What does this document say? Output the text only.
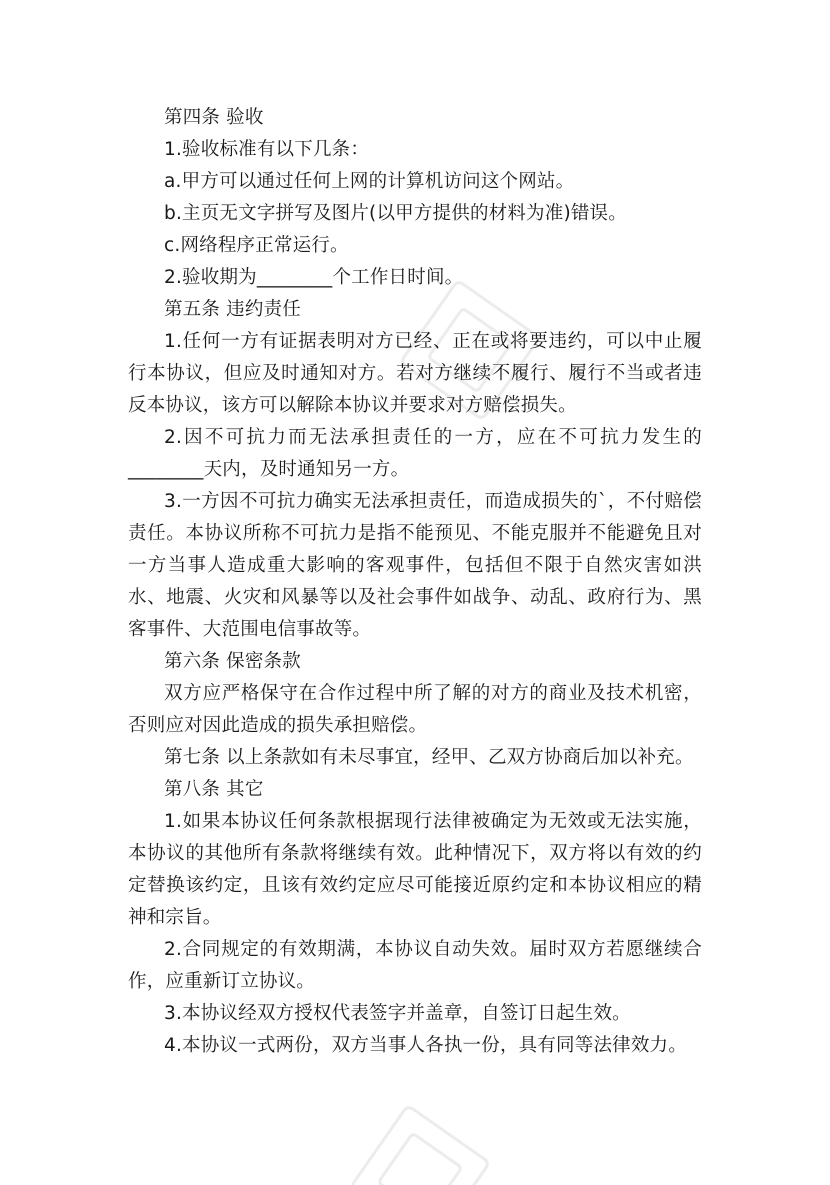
第四条 验收

1.验收标准有以下几条：

a.甲方可以通过任何上网的计算机访问这个网站。

b.主页无文字拼写及图片(以甲方提供的材料为准)错误。

c.网络程序正常运行。

2.验收期为________个工作日时间。

第五条 违约责任

1.任何一方有证据表明对方已经、正在或将要违约，可以中止履行本协议，但应及时通知对方。若对方继续不履行、履行不当或者违反本协议，该方可以解除本协议并要求对方赔偿损失。

2.因不可抗力而无法承担责任的一方，应在不可抗力发生的________天内，及时通知另一方。

3.一方因不可抗力确实无法承担责任，而造成损失的`，不付赔偿责任。本协议所称不可抗力是指不能预见、不能克服并不能避免且对一方当事人造成重大影响的客观事件，包括但不限于自然灾害如洪水、地震、火灾和风暴等以及社会事件如战争、动乱、政府行为、黑客事件、大范围电信事故等。

第六条 保密条款

双方应严格保守在合作过程中所了解的对方的商业及技术机密，否则应对因此造成的损失承担赔偿。

第七条 以上条款如有未尽事宜，经甲、乙双方协商后加以补充。

第八条 其它

1.如果本协议任何条款根据现行法律被确定为无效或无法实施，本协议的其他所有条款将继续有效。此种情况下，双方将以有效的约定替换该约定，且该有效约定应尽可能接近原约定和本协议相应的精神和宗旨。

2.合同规定的有效期满，本协议自动失效。届时双方若愿继续合作，应重新订立协议。

3.本协议经双方授权代表签字并盖章，自签订日起生效。

4.本协议一式两份，双方当事人各执一份，具有同等法律效力。
